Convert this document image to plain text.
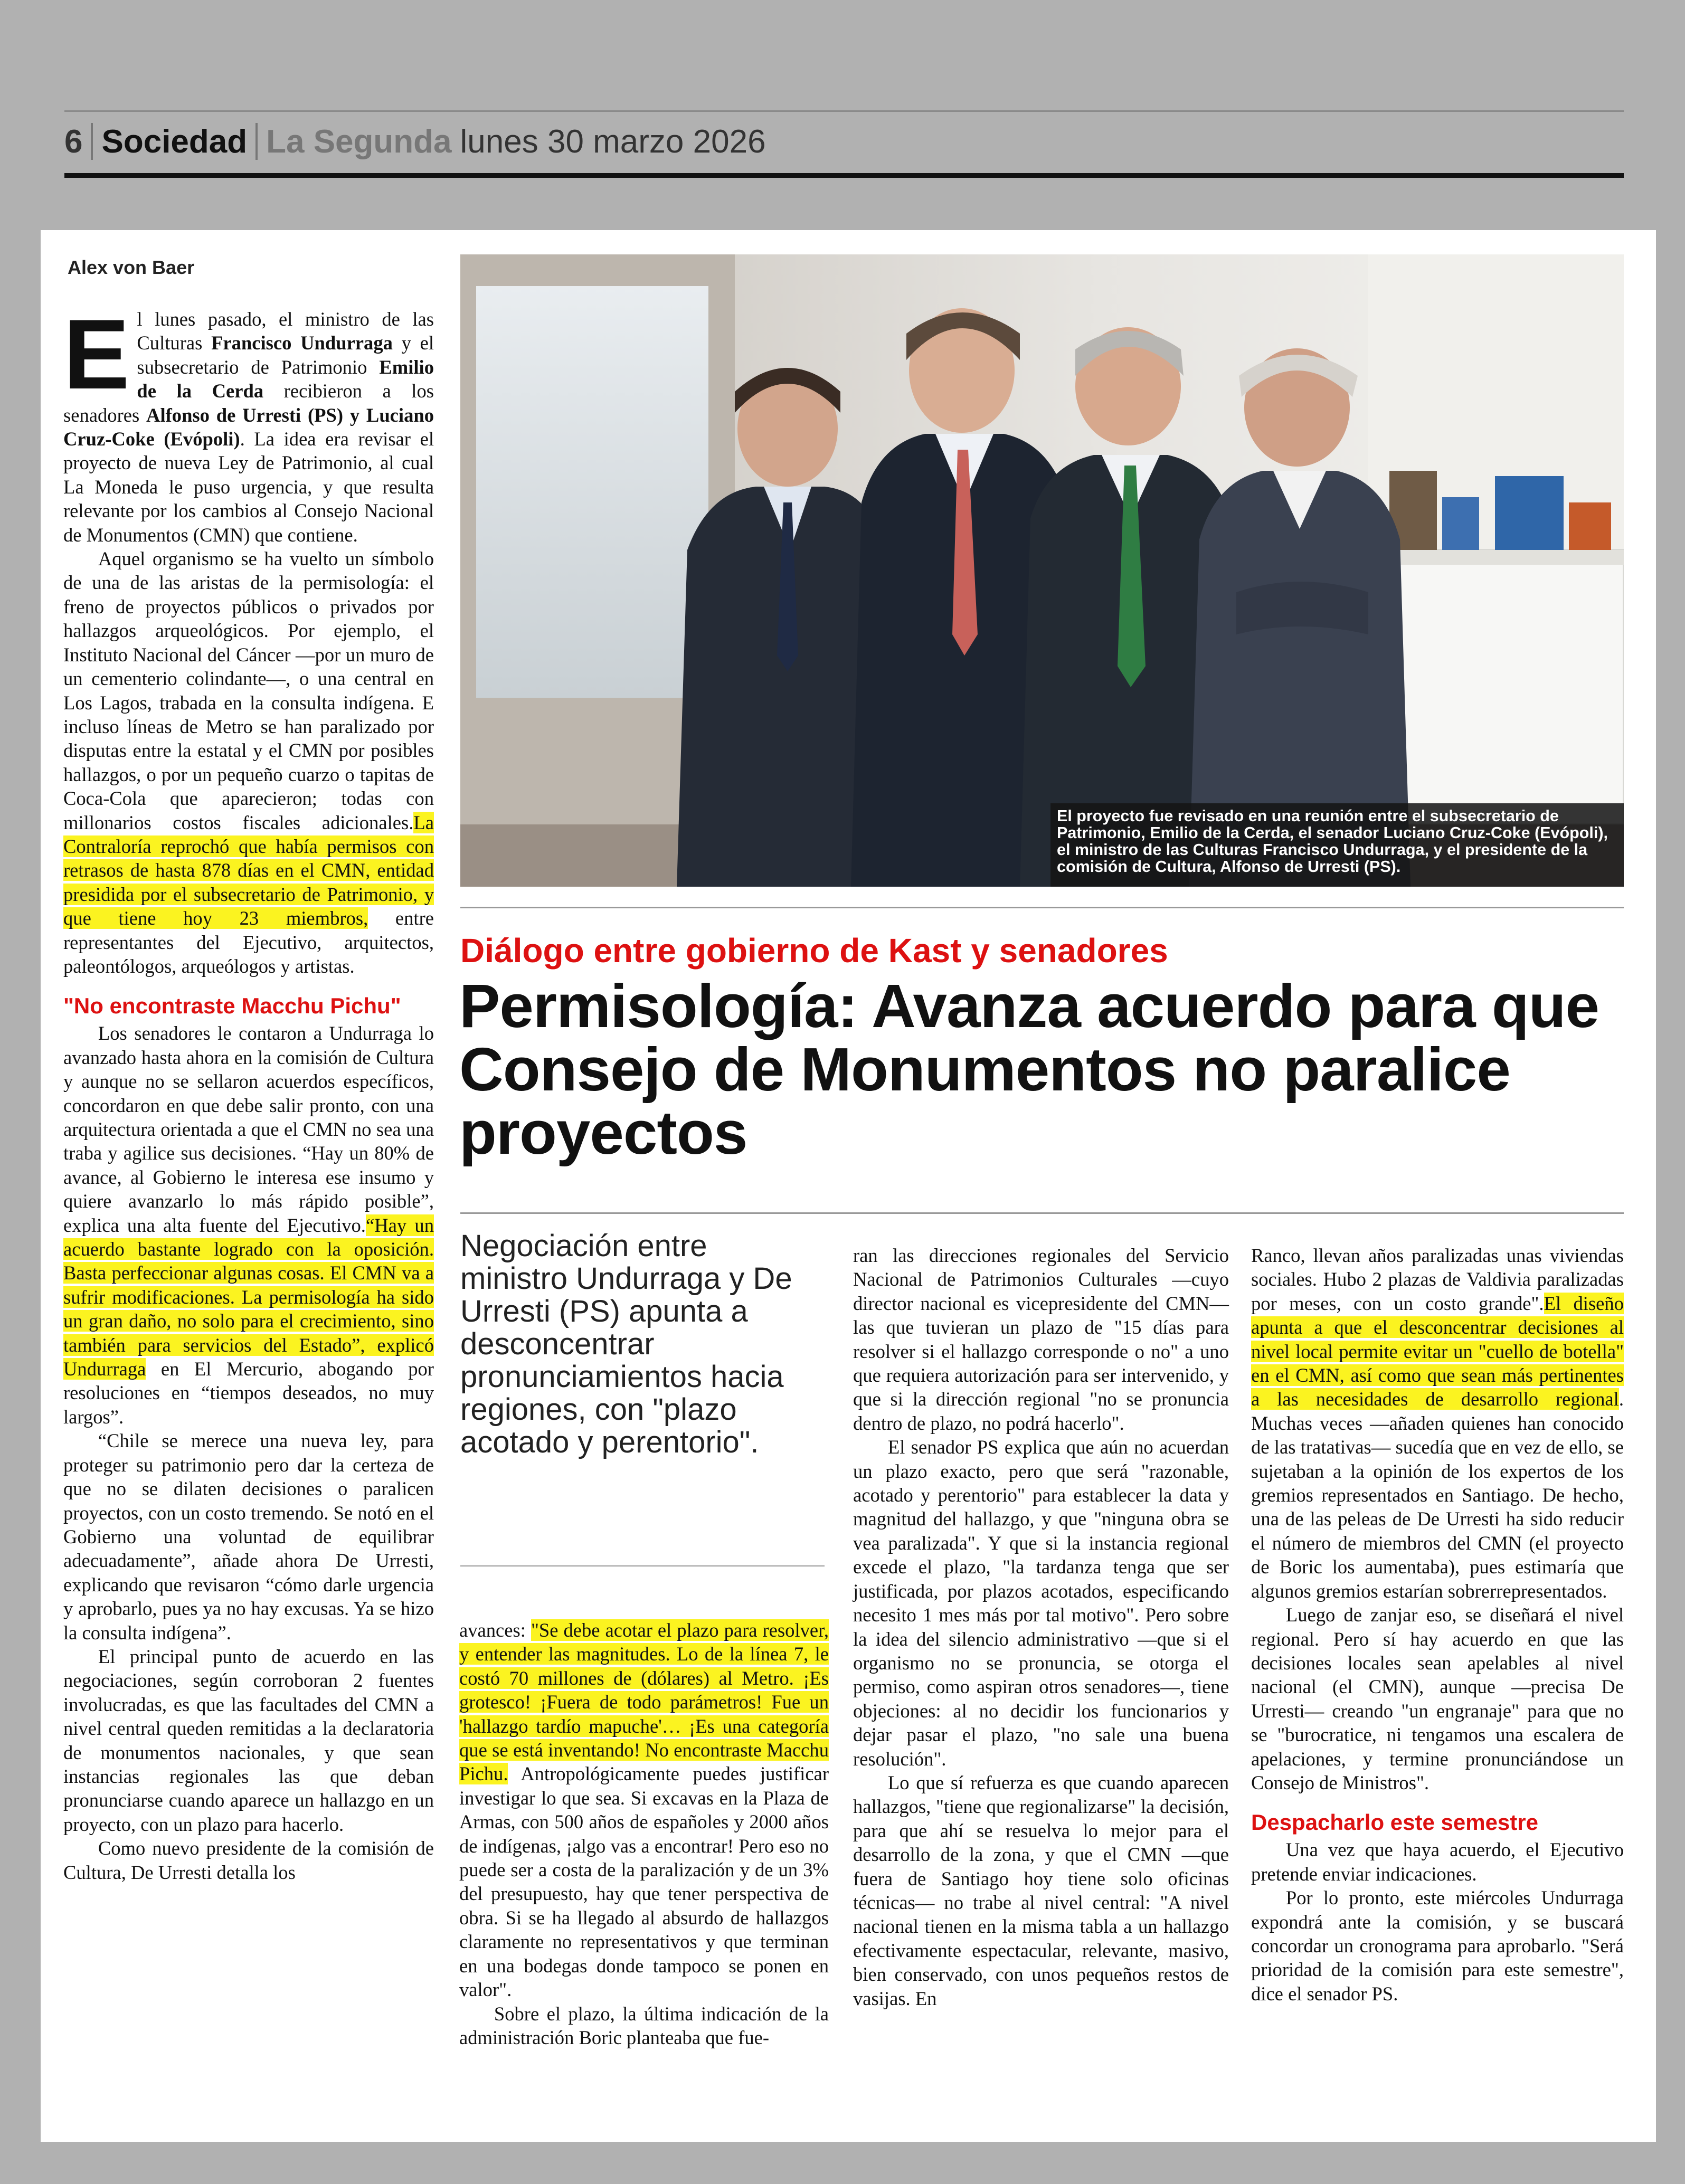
6 Sociedad La Segunda lunes 30 marzo 2026
Alex von Baer

El lunes pasado, el ministro de las Culturas Francisco Undurraga y el subsecretario de Patrimonio Emilio de la Cerda recibieron a los senadores Alfonso de Urresti (PS) y Luciano Cruz-Coke (Evópoli). La idea era revisar el proyecto de nueva Ley de Patrimonio, al cual La Moneda le puso urgencia, y que resulta relevante por los cambios al Consejo Nacional de Monumentos (CMN) que contiene.

Aquel organismo se ha vuelto un símbolo de una de las aristas de la permisología: el freno de proyectos públicos o privados por hallazgos arqueológicos. Por ejemplo, el Instituto Nacional del Cáncer —por un muro de un cementerio colindante—, o una central en Los Lagos, trabada en la consulta indígena. E incluso líneas de Metro se han paralizado por disputas entre la estatal y el CMN por posibles hallazgos, o por un pequeño cuarzo o tapitas de Coca-Cola que aparecieron; todas con millonarios costos fiscales adicionales.La Contraloría reprochó que había permisos con retrasos de hasta 878 días en el CMN, entidad presidida por el subsecretario de Patrimonio, y que tiene hoy 23 miembros, entre representantes del Ejecutivo, arquitectos, paleontólogos, arqueólogos y artistas.

"No encontraste Macchu Pichu"

Los senadores le contaron a Undurraga lo avanzado hasta ahora en la comisión de Cultura y aunque no se sellaron acuerdos específicos, concordaron en que debe salir pronto, con una arquitectura orientada a que el CMN no sea una traba y agilice sus decisiones. “Hay un 80% de avance, al Gobierno le interesa ese insumo y quiere avanzarlo lo más rápido posible”, explica una alta fuente del Ejecutivo.“Hay un acuerdo bastante logrado con la oposición. Basta perfeccionar algunas cosas. El CMN va a sufrir modificaciones. La permisología ha sido un gran daño, no solo para el crecimiento, sino también para servicios del Estado”, explicó Undurraga en El Mercurio, abogando por resoluciones en “tiempos deseados, no muy largos”.

“Chile se merece una nueva ley, para proteger su patrimonio pero dar la certeza de que no se dilaten decisiones o paralicen proyectos, con un costo tremendo. Se notó en el Gobierno una voluntad de equilibrar adecuadamente”, añade ahora De Urresti, explicando que revisaron “cómo darle urgencia y aprobarlo, pues ya no hay excusas. Ya se hizo la consulta indígena”.

El principal punto de acuerdo en las negociaciones, según corroboran 2 fuentes involucradas, es que las facultades del CMN a nivel central queden remitidas a la declaratoria de monumentos nacionales, y que sean instancias regionales las que deban pronunciarse cuando aparece un hallazgo en un proyecto, con un plazo para hacerlo.

Como nuevo presidente de la comisión de Cultura, De Urresti detalla los

El proyecto fue revisado en una reunión entre el subsecretario de Patrimonio, Emilio de la Cerda, el senador Luciano Cruz-Coke (Evópoli), el ministro de las Culturas Francisco Undurraga, y el presidente de la comisión de Cultura, Alfonso de Urresti (PS).
Diálogo entre gobierno de Kast y senadores
Permisología: Avanza acuerdo para que Consejo de Monumentos no paralice proyectos
Negociación entre ministro Undurraga y De Urresti (PS) apunta a desconcentrar pronunciamientos hacia regiones, con "plazo acotado y perentorio".

avances: "Se debe acotar el plazo para resolver, y entender las magnitudes. Lo de la línea 7, le costó 70 millones de (dólares) al Metro. ¡Es grotesco! ¡Fuera de todo parámetros! Fue un 'hallazgo tardío mapuche'… ¡Es una categoría que se está inventando! No encontraste Macchu Pichu. Antropológicamente puedes justificar investigar lo que sea. Si excavas en la Plaza de Armas, con 500 años de españoles y 2000 años de indígenas, ¡algo vas a encontrar! Pero eso no puede ser a costa de la paralización y de un 3% del presupuesto, hay que tener perspectiva de obra. Si se ha llegado al absurdo de hallazgos claramente no representativos y que terminan en una bodegas donde tampoco se ponen en valor".

Sobre el plazo, la última indicación de la administración Boric planteaba que fue-

ran las direcciones regionales del Servicio Nacional de Patrimonios Culturales —cuyo director nacional es vicepresidente del CMN— las que tuvieran un plazo de "15 días para resolver si el hallazgo corresponde o no" a uno que requiera autorización para ser intervenido, y que si la dirección regional "no se pronuncia dentro de plazo, no podrá hacerlo".

El senador PS explica que aún no acuerdan un plazo exacto, pero que será "razonable, acotado y perentorio" para establecer la data y magnitud del hallazgo, y que "ninguna obra se vea paralizada". Y que si la instancia regional excede el plazo, "la tardanza tenga que ser justificada, por plazos acotados, especificando necesito 1 mes más por tal motivo". Pero sobre la idea del silencio administrativo —que si el organismo no se pronuncia, se otorga el permiso, como aspiran otros senadores—, tiene objeciones: al no decidir los funcionarios y dejar pasar el plazo, "no sale una buena resolución".

Lo que sí refuerza es que cuando aparecen hallazgos, "tiene que regionalizarse" la decisión, para que ahí se resuelva lo mejor para el desarrollo de la zona, y que el CMN —que fuera de Santiago hoy tiene solo oficinas técnicas— no trabe al nivel central: "A nivel nacional tienen en la misma tabla a un hallazgo efectivamente espectacular, relevante, masivo, bien conservado, con unos pequeños restos de vasijas. En

Ranco, llevan años paralizadas unas viviendas sociales. Hubo 2 plazas de Valdivia paralizadas por meses, con un costo grande".El diseño apunta a que el desconcentrar decisiones al nivel local permite evitar un "cuello de botella" en el CMN, así como que sean más pertinentes a las necesidades de desarrollo regional. Muchas veces —añaden quienes han conocido de las tratativas— sucedía que en vez de ello, se sujetaban a la opinión de los expertos de los gremios representados en Santiago. De hecho, una de las peleas de De Urresti ha sido reducir el número de miembros del CMN (el proyecto de Boric los aumentaba), pues estimaría que algunos gremios estarían sobrerrepresentados.

Luego de zanjar eso, se diseñará el nivel regional. Pero sí hay acuerdo en que las decisiones locales sean apelables al nivel nacional (el CMN), aunque —precisa De Urresti— creando "un engranaje" para que no se "burocratice, ni tengamos una escalera de apelaciones, y termine pronunciándose un Consejo de Ministros".

Despacharlo este semestre

Una vez que haya acuerdo, el Ejecutivo pretende enviar indicaciones.

Por lo pronto, este miércoles Undurraga expondrá ante la comisión, y se buscará concordar un cronograma para aprobarlo. "Será prioridad de la comisión para este semestre", dice el senador PS.
